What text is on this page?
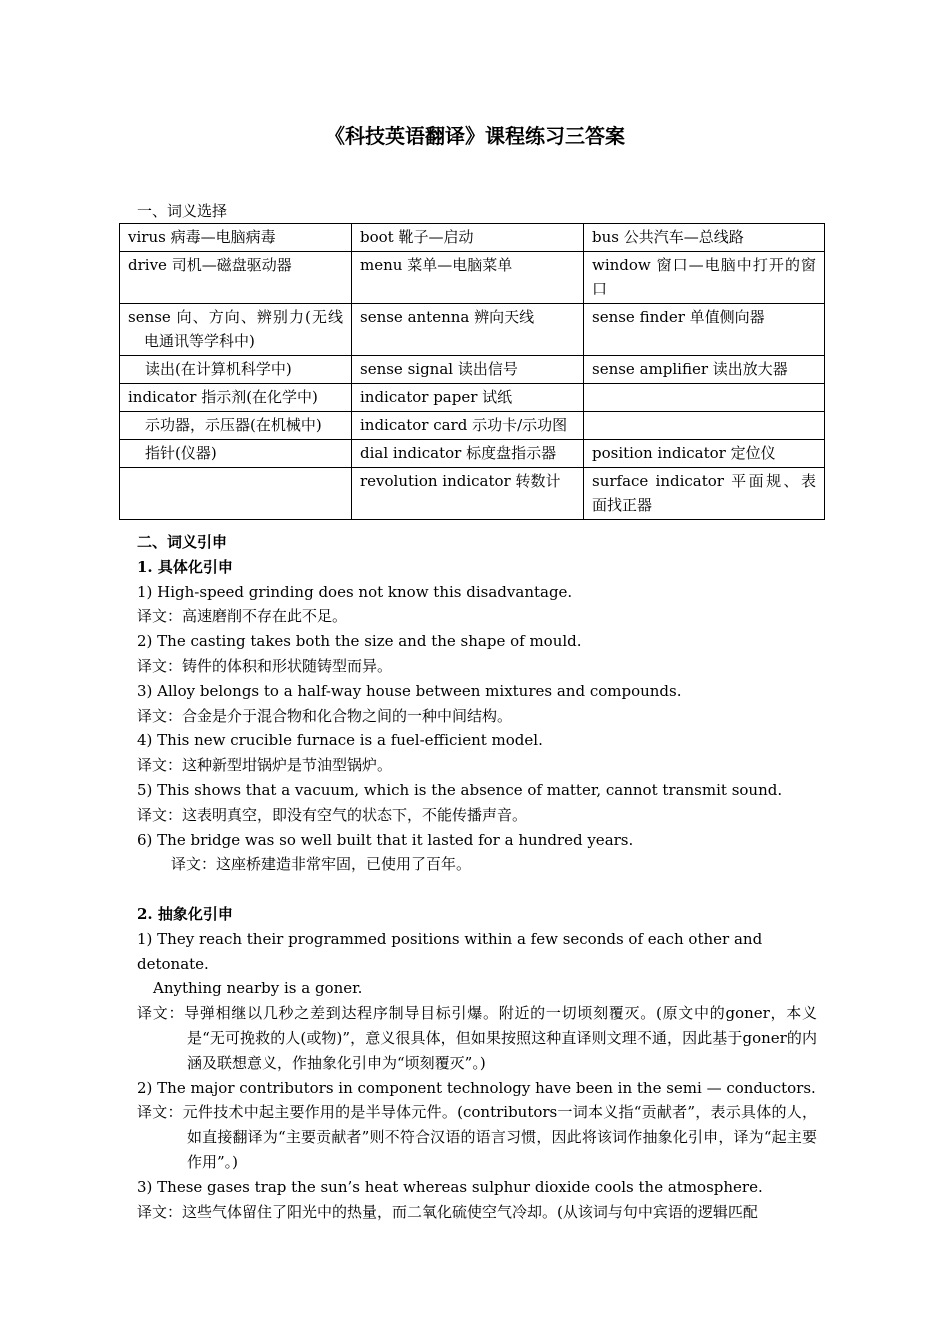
《科技英语翻译》课程练习三答案
一、词义选择
virus 病毒—电脑病毒	boot 靴子—启动	bus 公共汽车—总线路
drive 司机—磁盘驱动器	menu 菜单—电脑菜单	window 窗口—电脑中打开的窗口
sense 向、方向、辨别力(无线电通讯等学科中)	sense antenna 辨向天线	sense finder 单值侧向器
读出(在计算机科学中)	sense signal 读出信号	sense amplifier 读出放大器
indicator 指示剂(在化学中)	indicator paper 试纸	
示功器，示压器(在机械中)	indicator card 示功卡/示功图	
指针(仪器)	dial indicator 标度盘指示器	position indicator 定位仪
	revolution indicator 转数计	surface indicator 平面规、表面找正器

二、词义引申

1. 具体化引申

1) High-speed grinding does not know this disadvantage.

译文：高速磨削不存在此不足。

2) The casting takes both the size and the shape of mould.

译文：铸件的体积和形状随铸型而异。

3) Alloy belongs to a half-way house between mixtures and compounds.

译文：合金是介于混合物和化合物之间的一种中间结构。

4) This new crucible furnace is a fuel-efficient model.

译文：这种新型坩锅炉是节油型锅炉。

5) This shows that a vacuum, which is the absence of matter, cannot transmit sound.

译文：这表明真空，即没有空气的状态下，不能传播声音。

6) The bridge was so well built that it lasted for a hundred years.

译文：这座桥建造非常牢固，已使用了百年。

2. 抽象化引申

1) They reach their programmed positions within a few seconds of each other and detonate.

Anything nearby is a goner.

译文：导弹相继以几秒之差到达程序制导目标引爆。附近的一切顷刻覆灭。(原文中的goner，本义是“无可挽救的人(或物)”，意义很具体，但如果按照这种直译则文理不通，因此基于goner的内涵及联想意义，作抽象化引申为“顷刻覆灭”。)

2) The major contributors in component technology have been in the semi — conductors.

译文：元件技术中起主要作用的是半导体元件。(contributors一词本义指“贡献者”，表示具体的人，如直接翻译为“主要贡献者”则不符合汉语的语言习惯，因此将该词作抽象化引申，译为“起主要作用”。)

3) These gases trap the sun’s heat whereas sulphur dioxide cools the atmosphere.

译文：这些气体留住了阳光中的热量，而二氧化硫使空气冷却。(从该词与句中宾语的逻辑匹配
